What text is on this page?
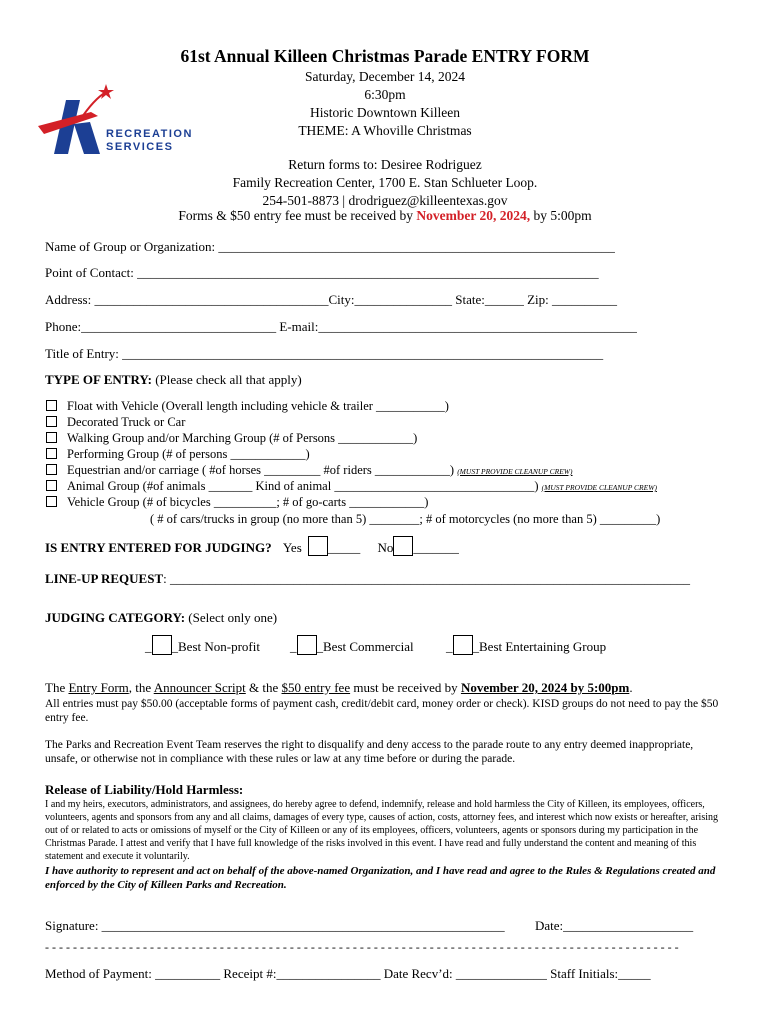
RECREATION
SERVICES
61st Annual Killeen Christmas Parade ENTRY FORM
Saturday, December 14, 2024
6:30pm
Historic Downtown Killeen
THEME: A Whoville Christmas
Return forms to: Desiree Rodriguez
Family Recreation Center, 1700 E. Stan Schlueter Loop.
254-501-8873 | drodriguez@killeentexas.gov
Forms & $50 entry fee must be received by November 20, 2024, by 5:00pm
Name of Group or Organization: _____________________________________________________________
Point of Contact: _______________________________________________________________________
Address: ____________________________________City:_______________ State:______ Zip: __________
Phone:______________________________ E-mail:_________________________________________________
Title of Entry: __________________________________________________________________________
TYPE OF ENTRY: (Please check all that apply)
Float with Vehicle (Overall length including vehicle & trailer ___________)
Decorated Truck or Car
Walking Group and/or Marching Group (# of Persons ____________)
Performing Group (# of persons ____________)
Equestrian and/or carriage ( #of horses _________ #of riders ____________) (MUST PROVIDE CLEANUP CREW)
Animal Group (#of animals _______ Kind of animal ________________________________) (MUST PROVIDE CLEANUP CREW)
Vehicle Group (# of bicycles __________; # of go-carts ____________)
( # of cars/trucks in group (no more than 5) ________; # of motorcycles (no more than 5) _________)
IS ENTRY ENTERED FOR JUDGING? Yes _____ No _______
LINE-UP REQUEST: ________________________________________________________________________________
JUDGING CATEGORY: (Select only one)
_ _Best Non-profit _ _Best Commercial _ _Best Entertaining Group
The Entry Form, the Announcer Script & the $50 entry fee must be received by November 20, 2024 by 5:00pm.
All entries must pay $50.00 (acceptable forms of payment cash, credit/debit card, money order or check). KISD groups do not need to pay the $50 entry fee.
The Parks and Recreation Event Team reserves the right to disqualify and deny access to the parade route to any entry deemed inappropriate, unsafe, or otherwise not in compliance with these rules or law at any time before or during the parade.
Release of Liability/Hold Harmless:
I and my heirs, executors, administrators, and assignees, do hereby agree to defend, indemnify, release and hold harmless the City of Killeen, its employees, officers, volunteers, agents and sponsors from any and all claims, damages of every type, causes of action, costs, attorney fees, and interest which now exists or hereafter, arising out of or related to acts or omissions of myself or the City of Killeen or any of its employees, officers, volunteers, agents or sponsors during my participation in the Christmas Parade. I attest and verify that I have full knowledge of the risks involved in this event. I have read and fully understand the content and meaning of this statement and execute it voluntarily.
I have authority to represent and act on behalf of the above-named Organization, and I have read and agree to the Rules & Regulations created and enforced by the City of Killeen Parks and Recreation.
Signature: ______________________________________________________________ Date:____________________
- - - - - - - - - - - - - - - - - - - - - - - - - - - - - - - - - - - - - - - - - - - - - - - - - - - - - - - - - - - - - - - - - - - - - - - - - - - - - - - - - - - - - - - - - - -
Method of Payment: __________ Receipt #:________________ Date Recv’d: ______________ Staff Initials:_____
